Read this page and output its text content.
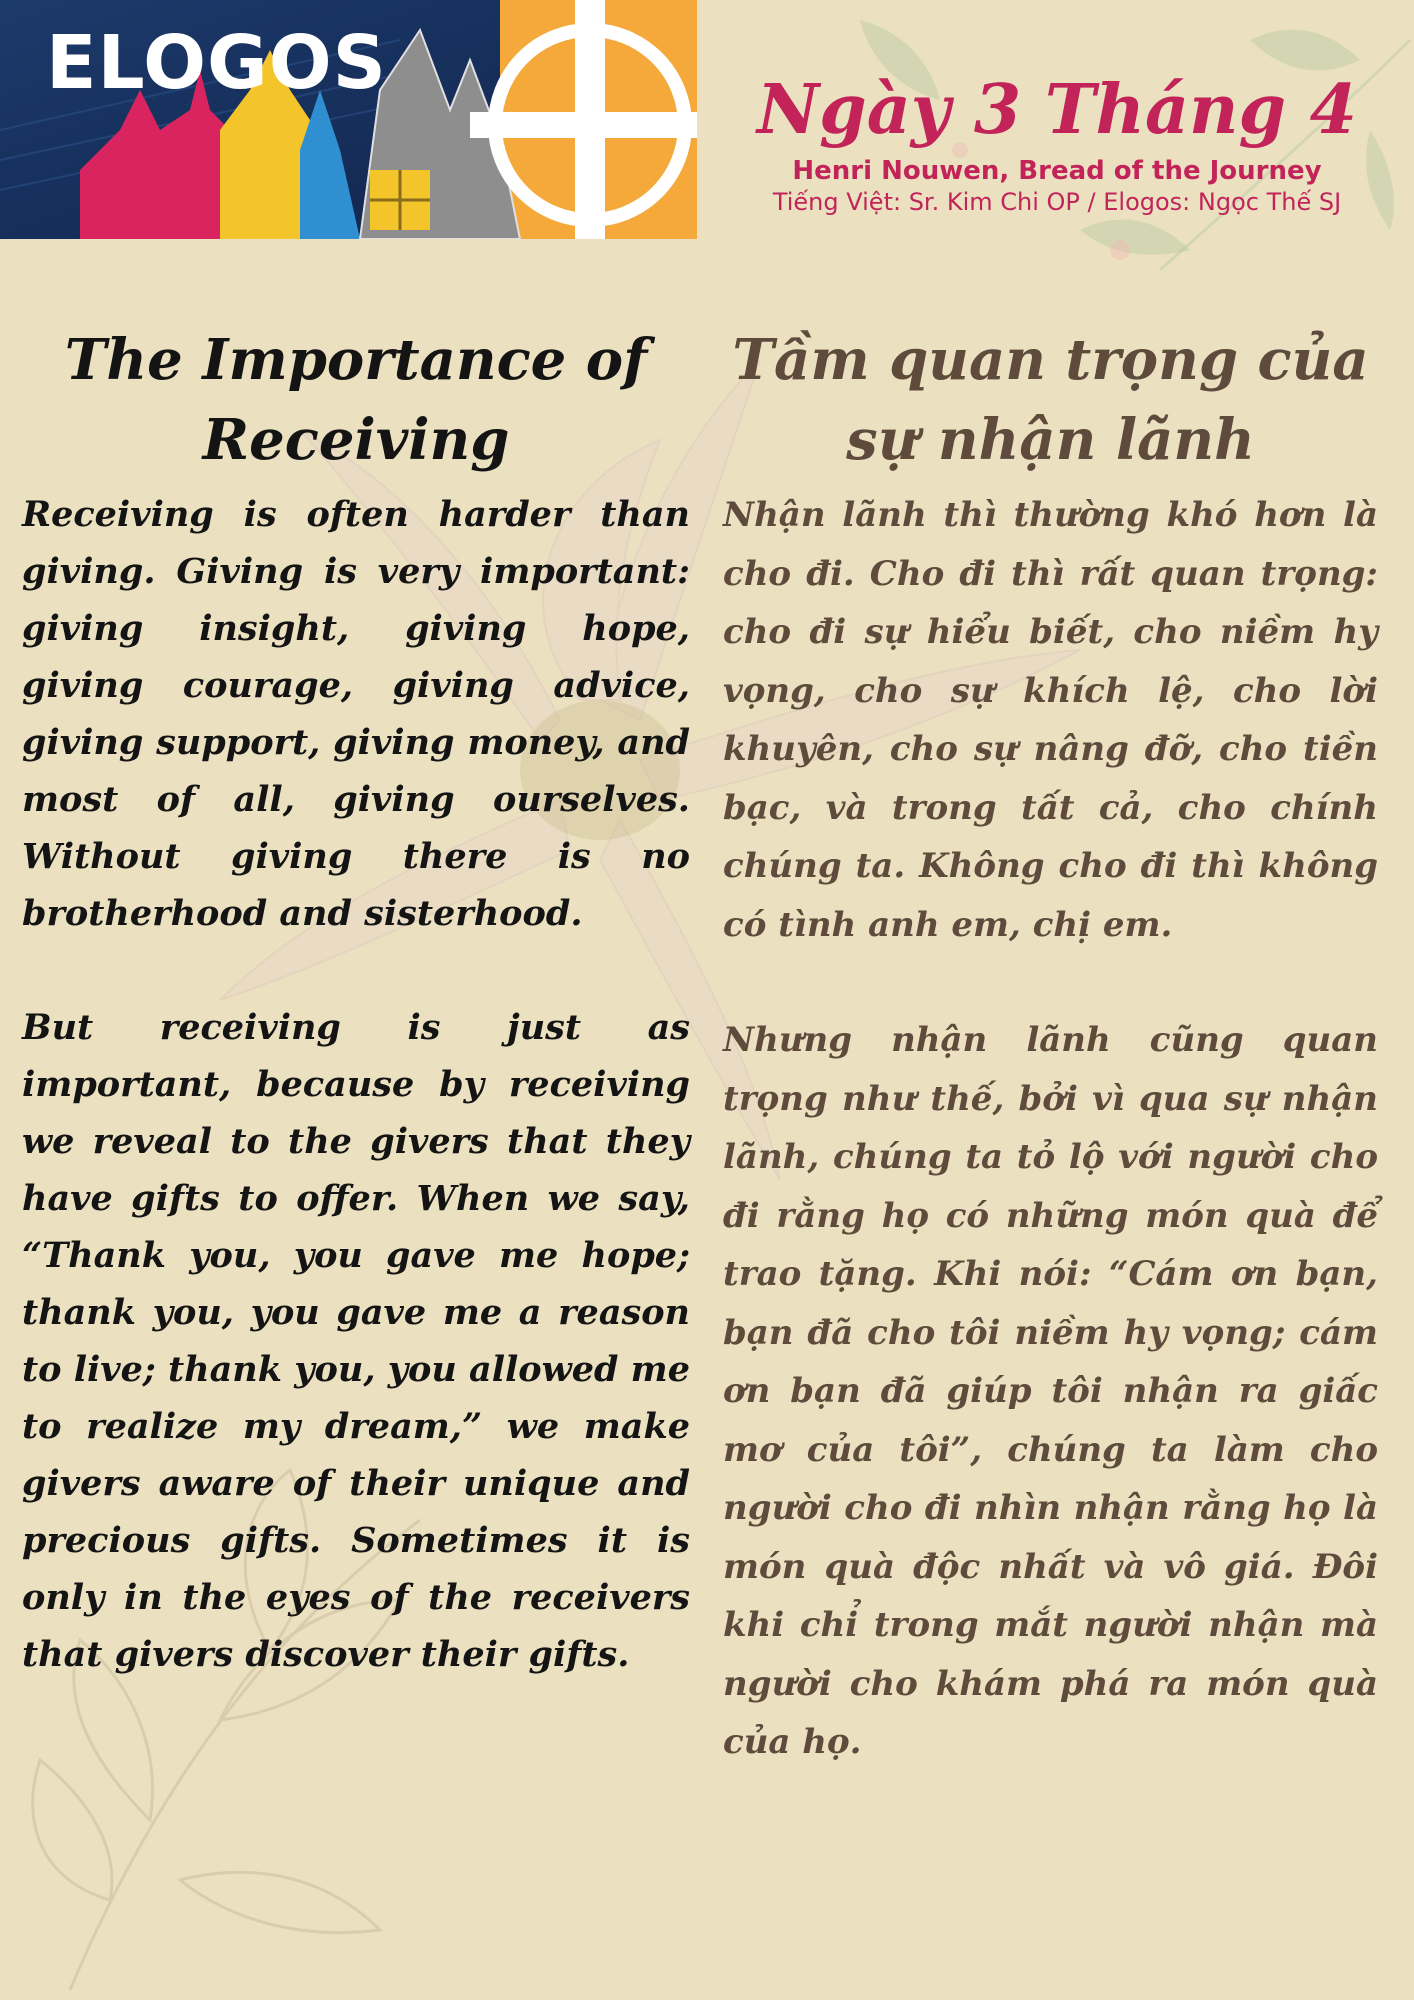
ELOGOS
Ngày 3 Tháng 4
Henri Nouwen, Bread of the Journey
Tiếng Việt: Sr. Kim Chi OP / Elogos: Ngọc Thế SJ
The Importance of Receiving

Receiving is often harder than giving. Giving is very important: giving insight, giving hope, giving courage, giving advice, giving support, giving money, and most of all, giving ourselves. Without giving there is no brotherhood and sisterhood.

But receiving is just as important, because by receiving we reveal to the givers that they have gifts to offer. When we say, “Thank you, you gave me hope; thank you, you gave me a reason to live; thank you, you allowed me to realize my dream,” we make givers aware of their unique and precious gifts. Sometimes it is only in the eyes of the receivers that givers discover their gifts.

Tầm quan trọng của sự nhận lãnh

Nhận lãnh thì thường khó hơn là cho đi. Cho đi thì rất quan trọng: cho đi sự hiểu biết, cho niềm hy vọng, cho sự khích lệ, cho lời khuyên, cho sự nâng đỡ, cho tiền bạc, và trong tất cả, cho chính chúng ta. Không cho đi thì không có tình anh em, chị em.

Nhưng nhận lãnh cũng quan trọng như thế, bởi vì qua sự nhận lãnh, chúng ta tỏ lộ với người cho đi rằng họ có những món quà để trao tặng. Khi nói: “Cám ơn bạn, bạn đã cho tôi niềm hy vọng; cám ơn bạn đã giúp tôi nhận ra giấc mơ của tôi”, chúng ta làm cho người cho đi nhìn nhận rằng họ là món quà độc nhất và vô giá. Đôi khi chỉ trong mắt người nhận mà người cho khám phá ra món quà của họ.
